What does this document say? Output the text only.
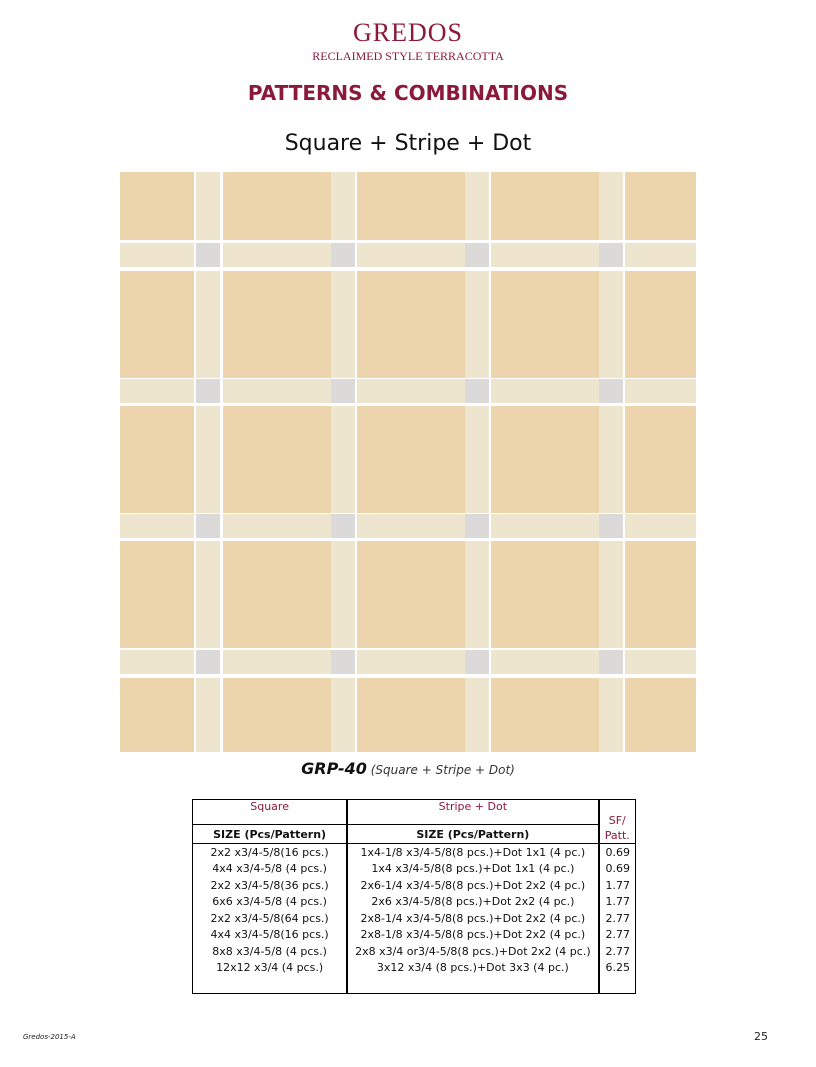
GREDOS
RECLAIMED STYLE TERRACOTTA
PATTERNS & COMBINATIONS
Square + Stripe + Dot
GRP-40 (Square + Stripe + Dot)
Square	Stripe + Dot	SF/ Patt.
SIZE (Pcs/Pattern)	SIZE (Pcs/Pattern)	
2x2 x3/4-5/8(16 pcs.)	1x4-1/8 x3/4-5/8(8 pcs.)+Dot 1x1 (4 pc.)	0.69
4x4 x3/4-5/8 (4 pcs.)	1x4 x3/4-5/8(8 pcs.)+Dot 1x1 (4 pc.)	0.69
2x2 x3/4-5/8(36 pcs.)	2x6-1/4 x3/4-5/8(8 pcs.)+Dot 2x2 (4 pc.)	1.77
6x6 x3/4-5/8 (4 pcs.)	2x6 x3/4-5/8(8 pcs.)+Dot 2x2 (4 pc.)	1.77
2x2 x3/4-5/8(64 pcs.)	2x8-1/4 x3/4-5/8(8 pcs.)+Dot 2x2 (4 pc.)	2.77
4x4 x3/4-5/8(16 pcs.)	2x8-1/8 x3/4-5/8(8 pcs.)+Dot 2x2 (4 pc.)	2.77
8x8 x3/4-5/8 (4 pcs.)	2x8 x3/4 or3/4-5/8(8 pcs.)+Dot 2x2 (4 pc.)	2.77
12x12 x3/4 (4 pcs.)	3x12 x3/4 (8 pcs.)+Dot 3x3 (4 pc.)	6.25

Gredos-2015-A	25
